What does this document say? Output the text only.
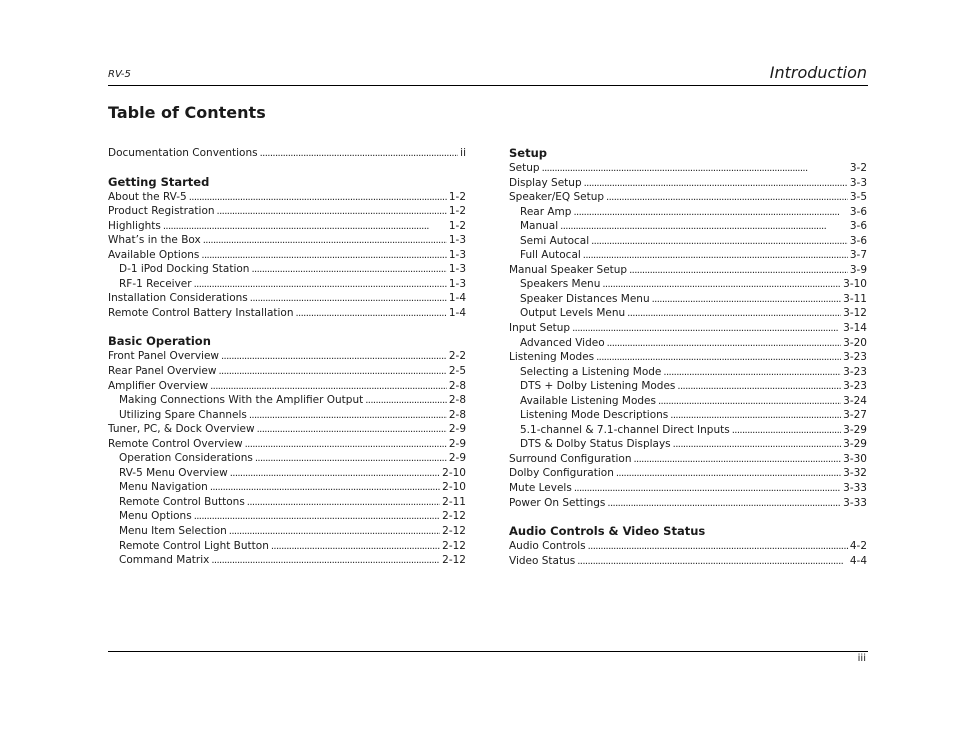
RV-5	Introduction
Table of Contents
Documentation Conventions . . .	ii
Getting Started
About the RV-5 . . .	1-2
Product Registration . . .	1-2
Highlights . . .	1-2
What’s in the Box . . .	1-3
Available Options . . .	1-3
D-1 iPod Docking Station . . .	1-3
RF-1 Receiver . . .	1-3
Installation Considerations . . .	1-4
Remote Control Battery Installation . . .	1-4
Basic Operation
Front Panel Overview . . .	2-2
Rear Panel Overview . . .	2-5
Amplifier Overview . . .	2-8
Making Connections With the Amplifier Output . . .	2-8
Utilizing Spare Channels . . .	2-8
Tuner, PC, & Dock Overview . . .	2-9
Remote Control Overview . . .	2-9
Operation Considerations . . .	2-9
RV-5 Menu Overview . . .	2-10
Menu Navigation . . .	2-10
Remote Control Buttons . . .	2-11
Menu Options . . .	2-12
Menu Item Selection . . .	2-12
Remote Control Light Button . . .	2-12
Command Matrix . . .	2-12
Setup
Setup . . .	3-2
Display Setup . . .	3-3
Speaker/EQ Setup . . .	3-5
Rear Amp . . .	3-6
Manual . . .	3-6
Semi Autocal . . .	3-6
Full Autocal . . .	3-7
Manual Speaker Setup . . .	3-9
Speakers Menu . . .	3-10
Speaker Distances Menu . . .	3-11
Output Levels Menu . . .	3-12
Input Setup . . .	3-14
Advanced Video . . .	3-20
Listening Modes . . .	3-23
Selecting a Listening Mode . . .	3-23
DTS + Dolby Listening Modes . . .	3-23
Available Listening Modes . . .	3-24
Listening Mode Descriptions . . .	3-27
5.1-channel & 7.1-channel Direct Inputs . . .	3-29
DTS & Dolby Status Displays . . .	3-29
Surround Configuration . . .	3-30
Dolby Configuration . . .	3-32
Mute Levels . . .	3-33
Power On Settings . . .	3-33
Audio Controls & Video Status
Audio Controls . . .	4-2
Video Status . . .	4-4
iii
